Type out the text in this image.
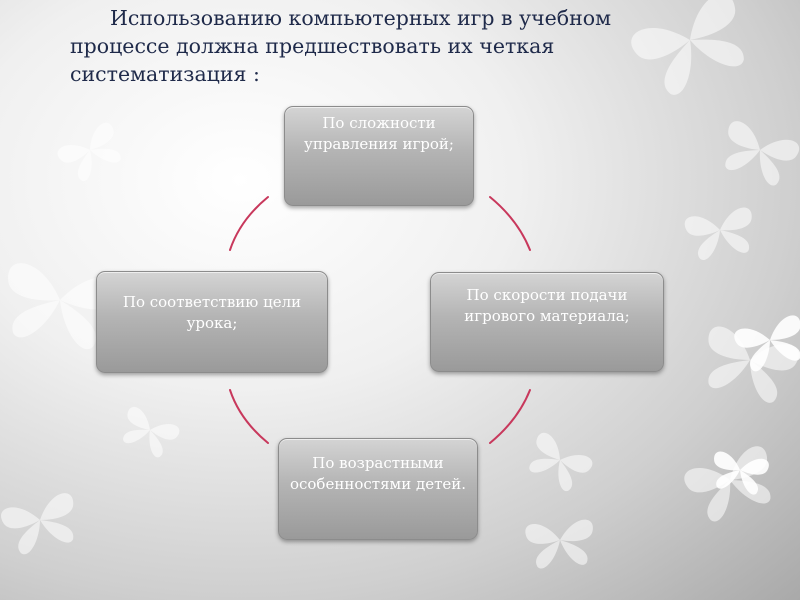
Использованию компьютерных игр в учебном процессе должна предшествовать их четкая систематизация :
По сложности управления игрой;
По скорости подачи игрового материала;
По возрастными особенностями детей.
По соответствию цели урока;
